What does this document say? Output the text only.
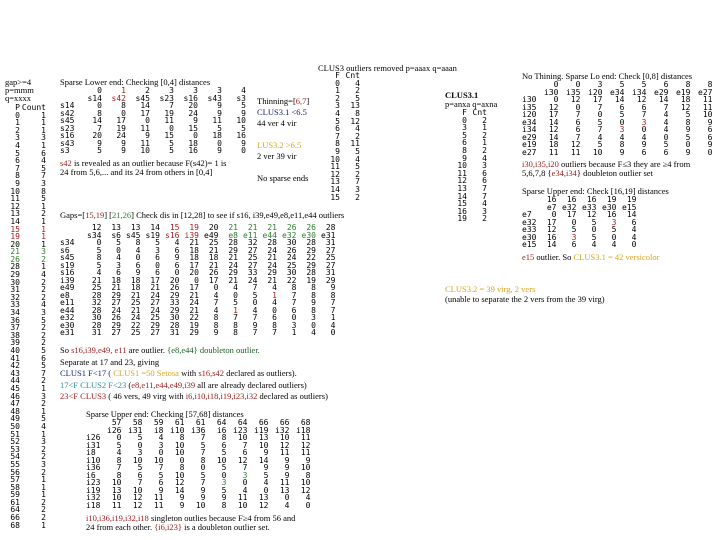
gap>=4
p=mmm
q=xxxx
P Count
0	1
1	1
2	1
3	3
4	1
5	6
6	4
7	5
8	7
9	3
10	8
11	5
12	1
13	2
14	1
15	1
19	1
20	1
21	3
26	2
28	1
29	4
30	2
31	2
32	2
33	4
34	3
36	5
37	2
38	2
39	2
40	5
41	6
42	5
43	7
44	2
45	1
46	3
47	2
48	1
49	5
50	4
51	1
52	3
53	2
54	2
55	3
56	2
57	1
58	1
59	1
61	2
64	2
66	2
68	1
Sparse Lower end: Checking [0,4] distances
	0	1	2	3	3	3	4
	s14	s42	s45	s23	s16	s43	s3
s14	0	8	14	7	20	9	5
s42	8	0	17	19	24	9	9
s45	14	17	0	11	9	11	10
s23	7	19	11	0	15	5	5
s16	20	24	9	15	0	18	16
s43	9	9	11	5	18	0	9
s3	5	9	10	5	16	9	0
s42 is revealed as an outlier because F(s42)= 1 is
24 from 5,6,... and its 24 from others in [0,4]
Thinning=[6,7]
CLUS3.1 <6.5
44 ver 4 vir

LUS3.2 >6.5
2 ver 39 vir

No sparse ends
CLUS3 outliers removed p=aaax q=aaan
F Cnt
0	4
1	2
2	5
3	13
4	8
5	12
6	4
7	2
8	11
9	5
10	4
11	5
12	2
13	7
14	3
15	2
CLUS3.1
p=anxa q=axna
F Cnt
0	2
3	1
5	2
6	1
8	2
9	4
10	3
11	6
12	6
13	7
14	7
15	4
16	3
19	2
Gaps=[15,19] [21,26] Check dis in [12,28] to see if s16, i39,e49,e8,e11,e44 outliers
	12	13	13	14	15	19	20	21	21	21	26	26	28
	s34	s6	s45	s19	s16	i39	e49	e8	e11	e44	e32	e30	e31
s34	0	5	8	5	4	21	25	28	32	28	30	28	31
s6	5	0	4	3	6	18	21	29	27	24	26	29	27
s45	8	4	0	6	9	18	18	21	25	21	24	22	25
s19	5	3	6	0	6	17	21	24	27	24	25	29	27
s16	4	6	9	6	0	20	26	29	33	29	30	28	31
i39	21	18	18	17	20	0	17	21	24	21	22	19	29
e49	25	21	18	21	26	17	0	4	7	4	8	8	9
e8	28	29	21	24	29	21	4	0	5	1	7	8	8
e11	32	27	25	27	33	24	7	5	0	4	7	9	7
e44	28	24	21	24	29	21	4	1	4	0	6	8	7
e32	30	26	24	25	30	22	8	7	7	6	0	3	1
e30	28	29	22	29	28	19	8	8	9	8	3	0	4
e31	31	27	25	27	31	29	9	8	7	7	1	4	0
So s16,i39,e49, e11 are outlier. {e8,e44} doubleton outlier.
Separate at 17 and 23, giving
CLUS1 F<17 ( CLUS1 =50 Setosa with s16,s42 declared as outliers).
17<F CLUS2 F<23 (e8,e11,e44,e49,i39 all are already declared outliers)
23<F CLUS3 ( 46 vers, 49 virg with i6,i10,i18,i19,i23,i32 declared as outliers)
Sparse Upper end: Checking [57,68] distances
	57	58	59	61	61	64	64	66	66	68
	i26	i31	i8	i10	i36	i6	i23	i19	i32	i18
i26	0	5	4	8	7	8	10	13	10	11
i31	5	0	3	10	5	6	7	10	12	12
i8	4	3	0	10	7	5	6	9	11	11
i10	8	10	10	0	8	10	12	14	9	9
i36	7	5	7	8	0	5	7	9	9	10
i6	8	6	5	10	5	0	3	5	9	8
i23	10	7	6	12	7	3	0	4	11	10
i19	13	10	9	14	9	5	4	0	13	12
i32	10	12	11	9	9	9	11	13	0	4
i18	11	12	11	9	10	8	10	12	4	0
i10,i36,i19,i32,i18 singleton outlies because F≥4 from 56 and
24 from each other. {i6,i23} is a doubleton outlier set.
No Thining. Sparse Lo end: Check [0,8] distances
	0	0	3	5	5	6	8	8
	i30	i35	i20	e34	i34	e29	e19	e27
i30	0	12	17	14	12	14	18	11
i35	12	0	7	6	6	7	12	11
i20	17	7	0	5	7	4	5	10
e34	14	6	5	0	3	4	8	9
i34	12	6	7	3	0	4	9	6
e29	14	7	4	4	4	0	5	6
e19	18	12	5	8	9	5	0	9
e27	11	11	10	9	6	6	9	0
i30,i35,i20 outliers because F≤3 they are ≥4 from
5,6,7,8 {e34,i34} doubleton outlier set
Sparse Upper end: Check [16,19] distances
	16	16	16	19	19
	e7	e32	e33	e30	e15
e7	0	17	12	16	14
e32	17	0	5	3	6
e33	12	5	0	5	4
e30	16	3	5	0	4
e15	14	6	4	4	0
e15 outlier. So CLUS3.1 = 42 versicolor
CLUS3.2 = 39 virg, 2 vers
(unable to separate the 2 vers from the 39 virg)
